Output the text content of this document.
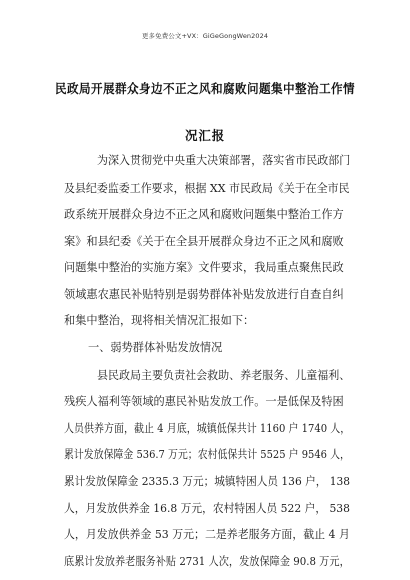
更多免费公文+VX：GiGeGongWen2024
民政局开展群众身边不正之风和腐败问题集中整治工作情
况汇报
为深入贯彻党中央重大决策部署，落实省市民政部门
及县纪委监委工作要求，根据 XX 市民政局《关于在全市民
政系统开展群众身边不正之风和腐败问题集中整治工作方
案》和县纪委《关于在全县开展群众身边不正之风和腐败
问题集中整治的实施方案》文件要求，我局重点聚焦民政
领域惠农惠民补贴特别是弱势群体补贴发放进行自查自纠
和集中整治，现将相关情况汇报如下：
一、弱势群体补贴发放情况
县民政局主要负责社会救助、养老服务、儿童福利、
残疾人福利等领域的惠民补贴发放工作。一是低保及特困
人员供养方面，截止 4 月底，城镇低保共计 1160 户 1740 人，
累计发放保障金 536.7 万元；农村低保共计 5525 户 9546 人，
累计发放保障金 2335.3 万元；城镇特困人员 136 户， 138
人，月发放供养金 16.8 万元，农村特困人员 522 户， 538
人，月发放供养金 53 万元；二是养老服务方面，截止 4 月
底累计发放养老服务补贴 2731 人次，发放保障金 90.8 万元，
